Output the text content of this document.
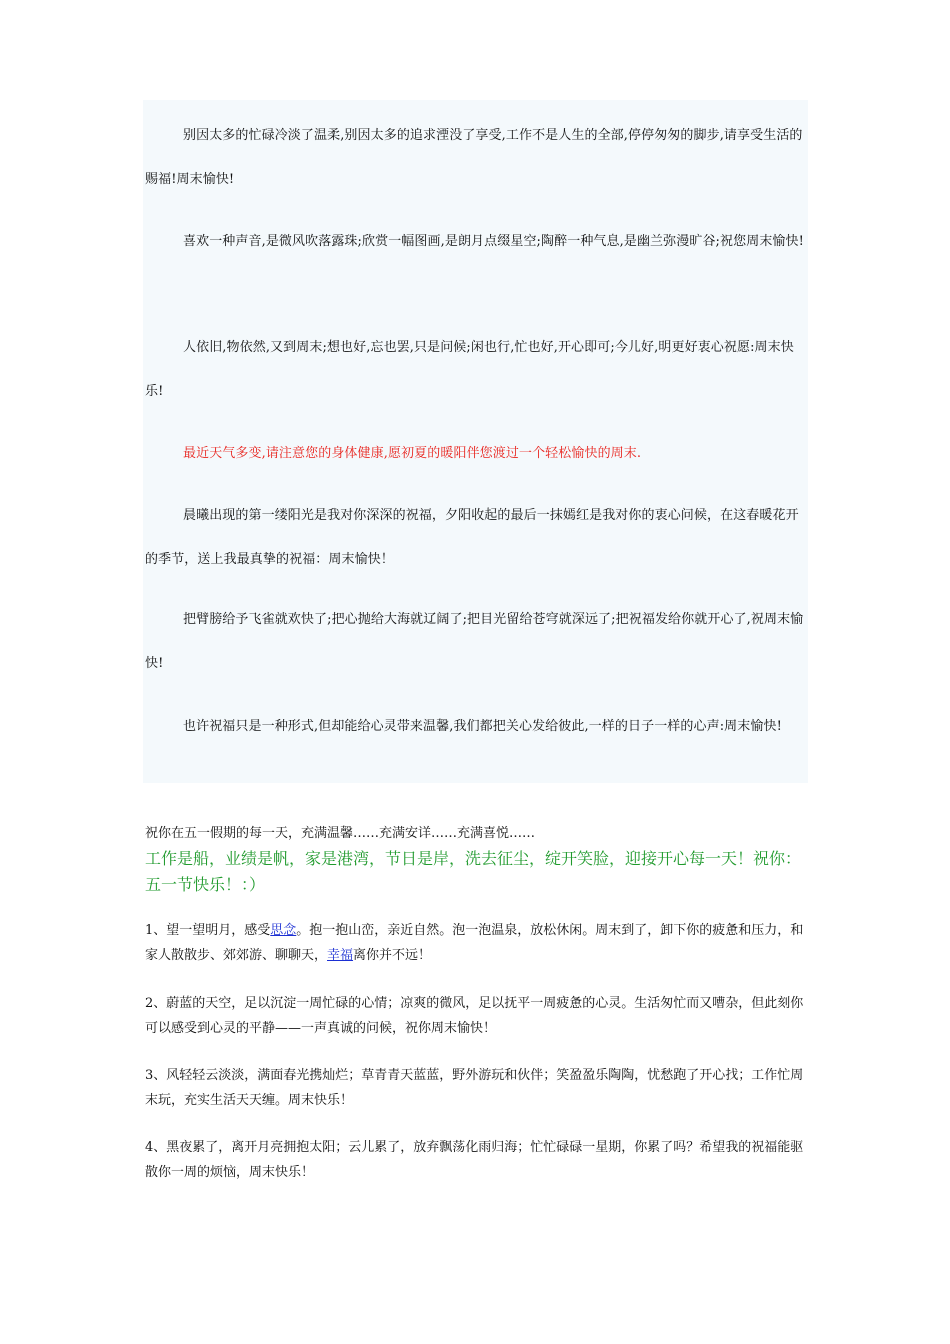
别因太多的忙碌冷淡了温柔,别因太多的追求湮没了享受,工作不是人生的全部,停停匆匆的脚步,请享受生活的赐福!周末愉快!

喜欢一种声音,是微风吹落露珠;欣赏一幅图画,是朗月点缀星空;陶醉一种气息,是幽兰弥漫旷谷;祝您周末愉快!

人依旧,物依然,又到周末;想也好,忘也罢,只是问候;闲也行,忙也好,开心即可;今儿好,明更好衷心祝愿:周末快乐!

最近天气多变,请注意您的身体健康,愿初夏的暖阳伴您渡过一个轻松愉快的周末.

晨曦出现的第一缕阳光是我对你深深的祝福，夕阳收起的最后一抹嫣红是我对你的衷心问候，在这春暖花开的季节，送上我最真挚的祝福：周末愉快！

把臂膀给予飞雀就欢快了;把心抛给大海就辽阔了;把目光留给苍穹就深远了;把祝福发给你就开心了,祝周末愉快!

也许祝福只是一种形式,但却能给心灵带来温馨,我们都把关心发给彼此,一样的日子一样的心声:周末愉快!

祝你在五一假期的每一天，充满温馨……充满安详……充满喜悦……

工作是船，业绩是帆，家是港湾，节日是岸，洗去征尘，绽开笑脸，迎接开心每一天！祝你：五一节快乐！：）

1、望一望明月，感受思念。抱一抱山峦，亲近自然。泡一泡温泉，放松休闲。周末到了，卸下你的疲惫和压力，和家人散散步、郊郊游、聊聊天，幸福离你并不远！

2、蔚蓝的天空，足以沉淀一周忙碌的心情；凉爽的微风，足以抚平一周疲惫的心灵。生活匆忙而又嘈杂，但此刻你可以感受到心灵的平静——一声真诚的问候，祝你周末愉快！

3、风轻轻云淡淡，满面春光携灿烂；草青青天蓝蓝，野外游玩和伙伴；笑盈盈乐陶陶，忧愁跑了开心找；工作忙周末玩，充实生活天天缠。周末快乐！

4、黑夜累了，离开月亮拥抱太阳；云儿累了，放弃飘荡化雨归海；忙忙碌碌一星期，你累了吗？希望我的祝福能驱散你一周的烦恼，周末快乐！
